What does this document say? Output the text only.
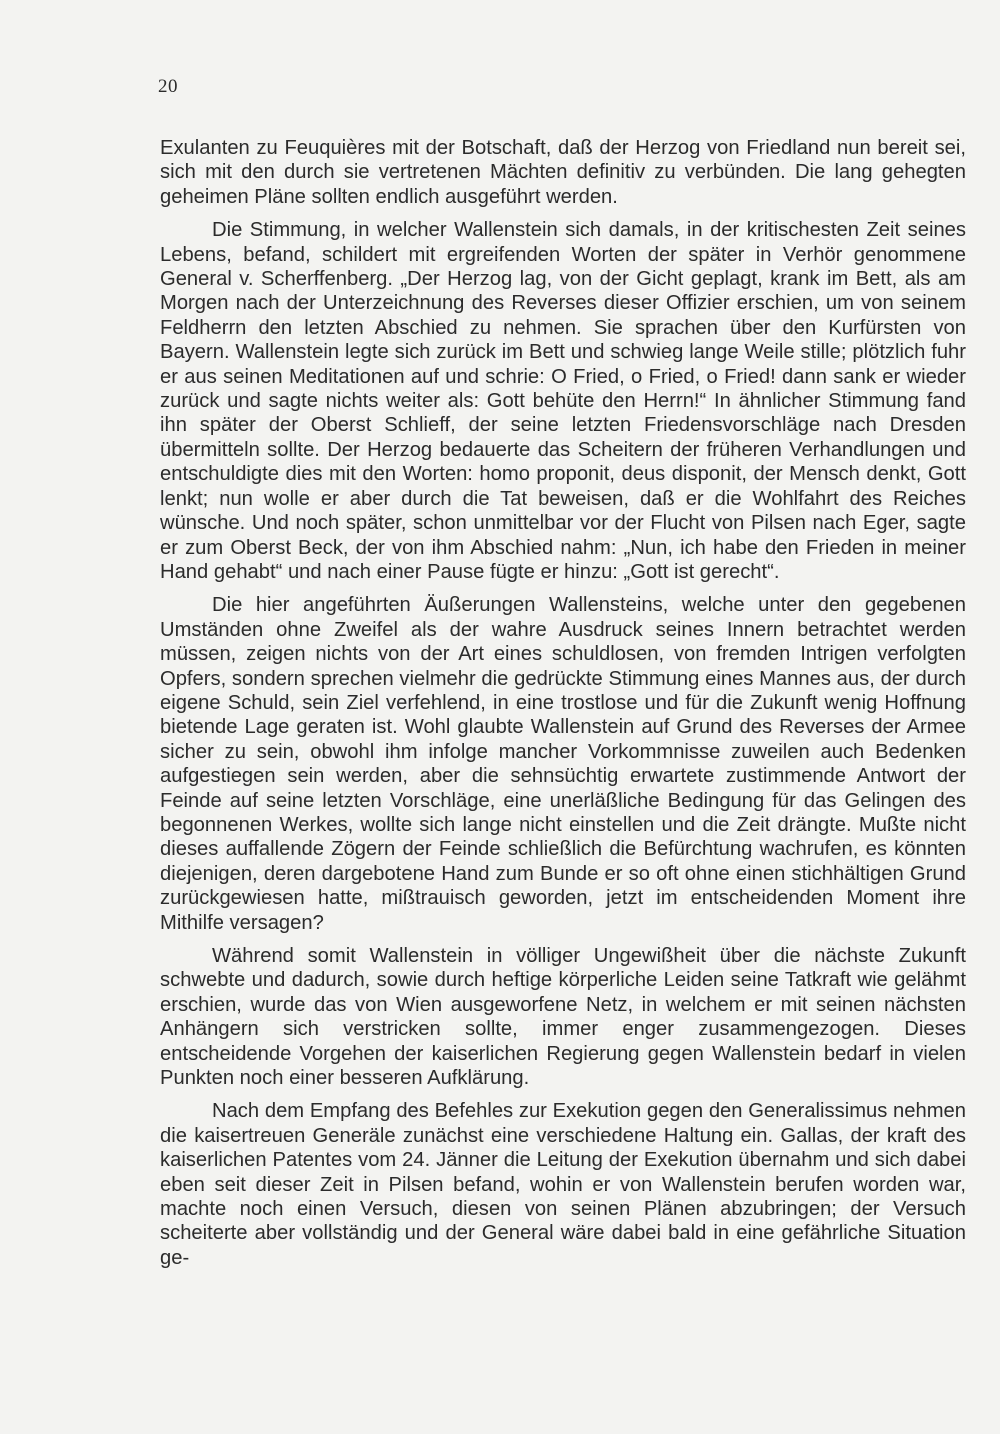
20

Exulanten zu Feuquières mit der Botschaft, daß der Herzog von Friedland nun bereit sei, sich mit den durch sie vertretenen Mächten definitiv zu verbünden. Die lang gehegten geheimen Pläne sollten endlich ausgeführt werden.

Die Stimmung, in welcher Wallenstein sich damals, in der kritischesten Zeit seines Lebens, befand, schildert mit ergreifenden Worten der später in Verhör genommene General v. Scherffenberg. „Der Herzog lag, von der Gicht geplagt, krank im Bett, als am Morgen nach der Unterzeichnung des Reverses dieser Offizier erschien, um von seinem Feldherrn den letzten Abschied zu nehmen. Sie sprachen über den Kurfürsten von Bayern. Wallenstein legte sich zurück im Bett und schwieg lange Weile stille; plötzlich fuhr er aus seinen Meditationen auf und schrie: O Fried, o Fried, o Fried! dann sank er wieder zurück und sagte nichts weiter als: Gott behüte den Herrn!“ In ähnlicher Stimmung fand ihn später der Oberst Schlieff, der seine letzten Friedensvorschläge nach Dresden übermitteln sollte. Der Herzog bedauerte das Scheitern der früheren Verhandlungen und entschuldigte dies mit den Worten: homo proponit, deus disponit, der Mensch denkt, Gott lenkt; nun wolle er aber durch die Tat beweisen, daß er die Wohlfahrt des Reiches wünsche. Und noch später, schon unmittelbar vor der Flucht von Pilsen nach Eger, sagte er zum Oberst Beck, der von ihm Abschied nahm: „Nun, ich habe den Frieden in meiner Hand gehabt“ und nach einer Pause fügte er hinzu: „Gott ist gerecht“.

Die hier angeführten Äußerungen Wallensteins, welche unter den gegebenen Umständen ohne Zweifel als der wahre Ausdruck seines Innern betrachtet werden müssen, zeigen nichts von der Art eines schuldlosen, von fremden Intrigen verfolgten Opfers, sondern sprechen vielmehr die gedrückte Stimmung eines Mannes aus, der durch eigene Schuld, sein Ziel verfehlend, in eine trostlose und für die Zukunft wenig Hoffnung bietende Lage geraten ist. Wohl glaubte Wallenstein auf Grund des Reverses der Armee sicher zu sein, obwohl ihm infolge mancher Vorkommnisse zuweilen auch Bedenken aufgestiegen sein werden, aber die sehnsüchtig erwartete zustimmende Antwort der Feinde auf seine letzten Vorschläge, eine unerläßliche Bedingung für das Gelingen des begonnenen Werkes, wollte sich lange nicht einstellen und die Zeit drängte. Mußte nicht dieses auffallende Zögern der Feinde schließlich die Befürchtung wachrufen, es könnten diejenigen, deren dargebotene Hand zum Bunde er so oft ohne einen stichhältigen Grund zurückgewiesen hatte, mißtrauisch geworden, jetzt im entscheidenden Moment ihre Mithilfe versagen?

Während somit Wallenstein in völliger Ungewißheit über die nächste Zukunft schwebte und dadurch, sowie durch heftige körperliche Leiden seine Tatkraft wie gelähmt erschien, wurde das von Wien ausgeworfene Netz, in welchem er mit seinen nächsten Anhängern sich verstricken sollte, immer enger zusammengezogen. Dieses entscheidende Vorgehen der kaiserlichen Regierung gegen Wallenstein bedarf in vielen Punkten noch einer besseren Aufklärung.

Nach dem Empfang des Befehles zur Exekution gegen den Generalissimus nehmen die kaisertreuen Generäle zunächst eine verschiedene Haltung ein. Gallas, der kraft des kaiserlichen Patentes vom 24. Jänner die Leitung der Exekution übernahm und sich dabei eben seit dieser Zeit in Pilsen befand, wohin er von Wallenstein berufen worden war, machte noch einen Versuch, diesen von seinen Plänen abzubringen; der Versuch scheiterte aber vollständig und der General wäre dabei bald in eine gefährliche Situation ge-
